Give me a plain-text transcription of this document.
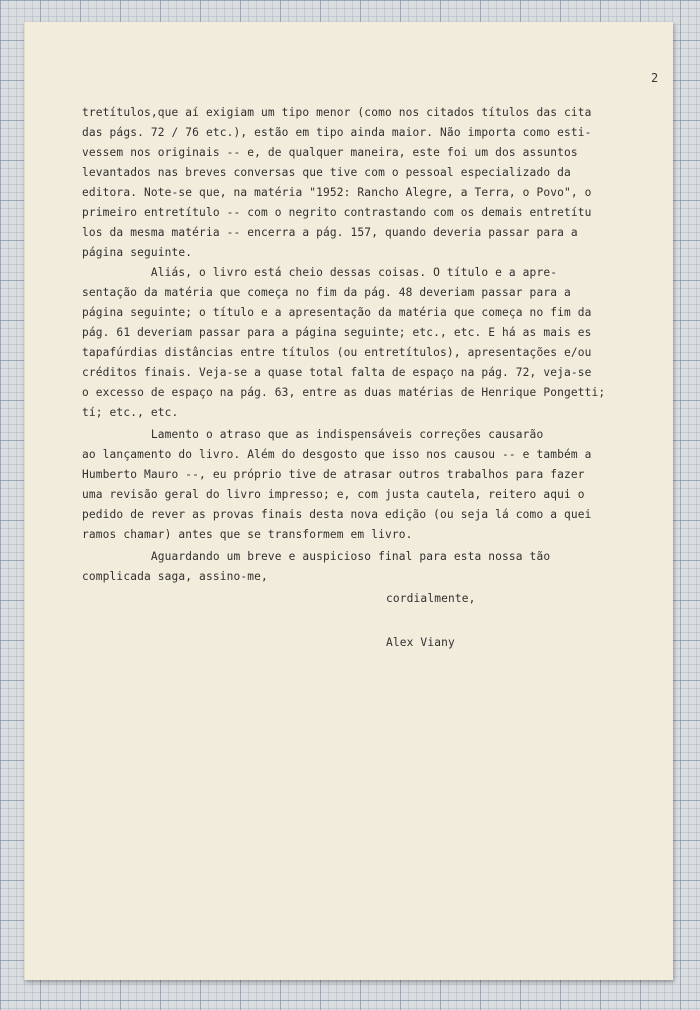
2
tretítulos,que aí exigiam um tipo menor (como nos citados títulos das cita
das págs. 72 / 76 etc.), estão em tipo ainda maior. Não importa como esti-
vessem nos originais -- e, de qualquer maneira, este foi um dos assuntos
levantados nas breves conversas que tive com o pessoal especializado da
editora. Note-se que, na matéria "1952: Rancho Alegre, a Terra, o Povo", o
primeiro entretítulo -- com o negrito contrastando com os demais entretítu
los da mesma matéria -- encerra a pág. 157, quando deveria passar para a
página seguinte.
Aliás, o livro está cheio dessas coisas. O título e a apre-
sentação da matéria que começa no fim da pág. 48 deveriam passar para a
página seguinte; o título e a apresentação da matéria que começa no fim da
pág. 61 deveriam passar para a página seguinte; etc., etc. E há as mais es
tapafúrdias distâncias entre títulos (ou entretítulos), apresentações e/ou
créditos finais. Veja-se a quase total falta de espaço na pág. 72, veja-se
o excesso de espaço na pág. 63, entre as duas matérias de Henrique Pongetti;
tí; etc., etc.
Lamento o atraso que as indispensáveis correções causarão
ao lançamento do livro. Além do desgosto que isso nos causou -- e também a
Humberto Mauro --, eu próprio tive de atrasar outros trabalhos para fazer
uma revisão geral do livro impresso; e, com justa cautela, reitero aqui o
pedido de rever as provas finais desta nova edição (ou seja lá como a quei
ramos chamar) antes que se transformem em livro.
Aguardando um breve e auspicioso final para esta nossa tão
complicada saga, assino-me,
cordialmente,
Alex Viany
